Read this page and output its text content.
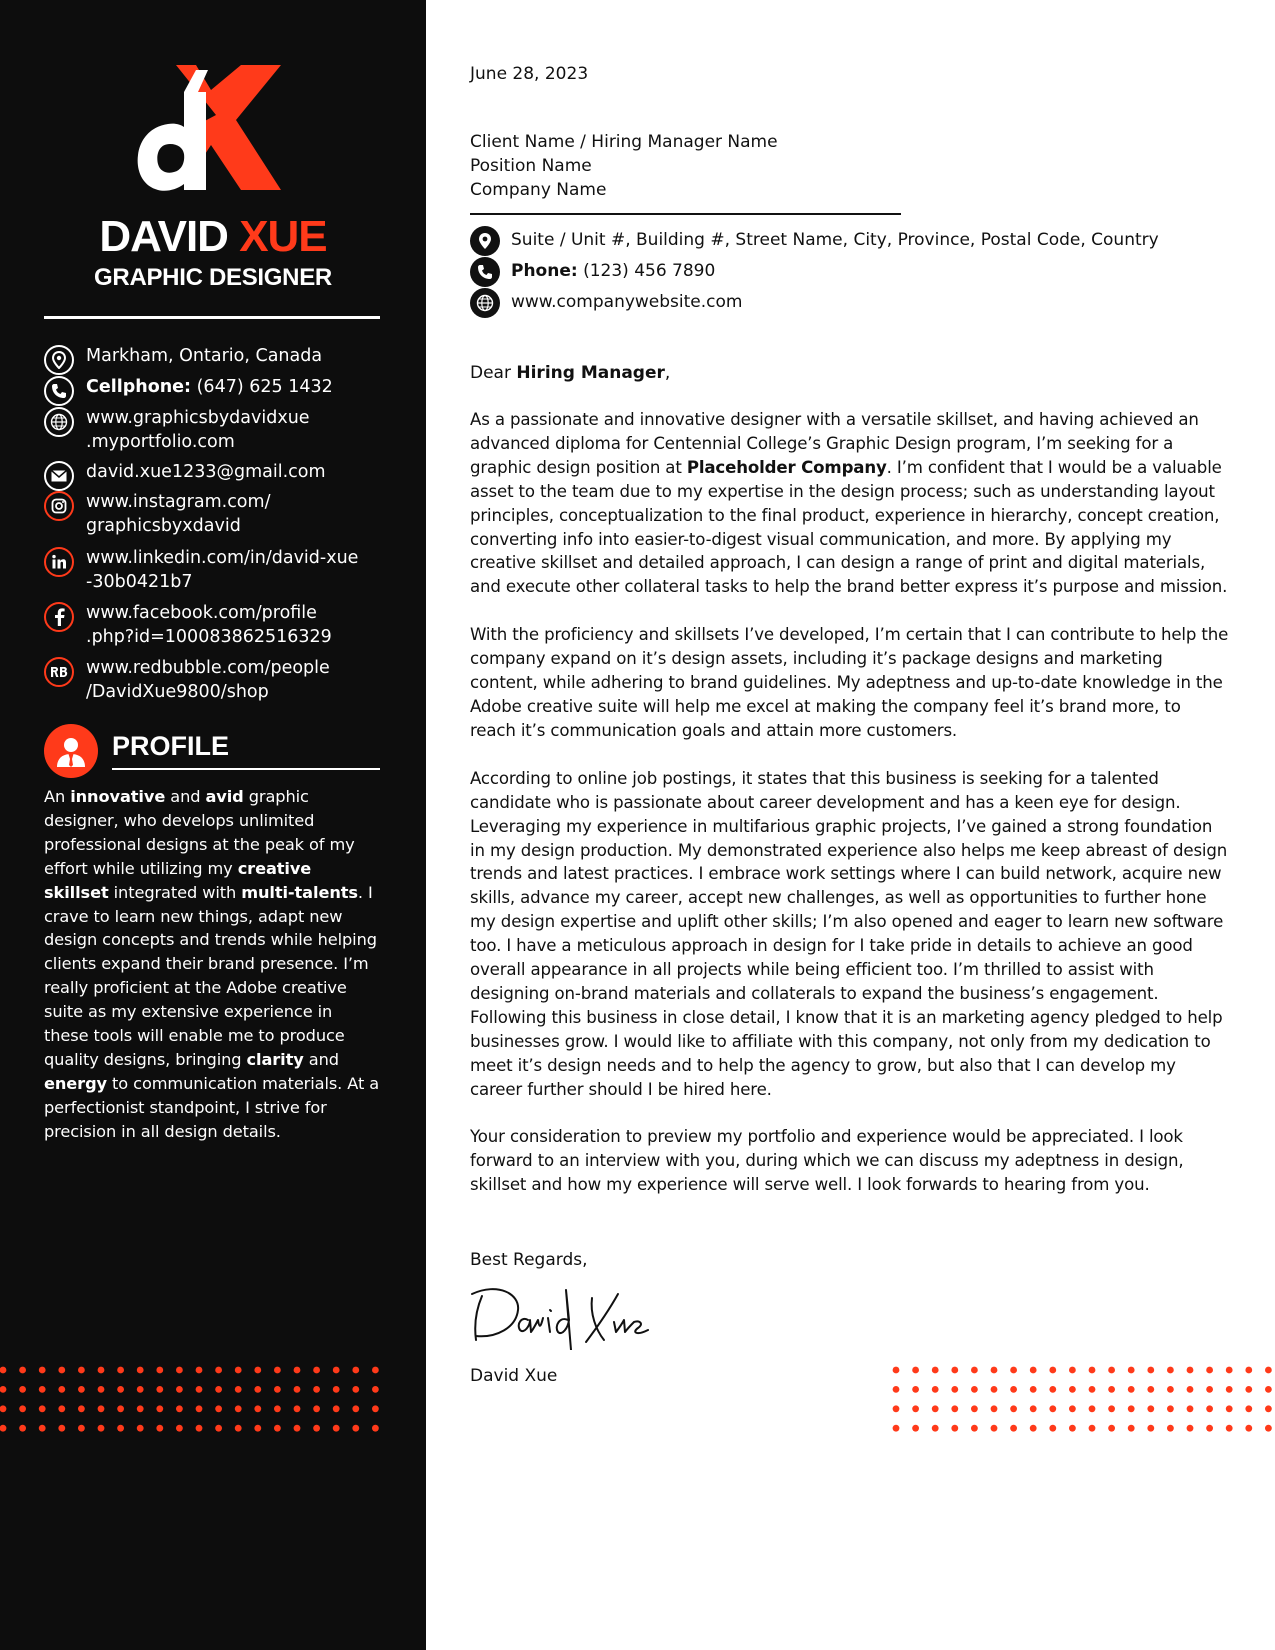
DAVID XUE
GRAPHIC DESIGNER
Markham, Ontario, Canada
Cellphone: (647) 625 1432
www.graphicsbydavidxue
.myportfolio.com
david.xue1233@gmail.com
www.instagram.com/
graphicsbyxdavid
www.linkedin.com/in/david-xue
-30b0421b7
www.facebook.com/profile
.php?id=100083862516329
www.redbubble.com/people
/DavidXue9800/shop
PROFILE

An innovative and avid graphic designer, who develops unlimited professional designs at the peak of my effort while utilizing my creative skillset integrated with multi-talents. I crave to learn new things, adapt new design concepts and trends while helping clients expand their brand presence. I’m really proficient at the Adobe creative suite as my extensive experience in these tools will enable me to produce quality designs, bringing clarity and energy to communication materials. At a perfectionist standpoint, I strive for precision in all design details.

June 28, 2023
Client Name / Hiring Manager Name
Position Name
Company Name
Suite / Unit #, Building #, Street Name, City, Province, Postal Code, Country
Phone: (123) 456 7890
www.companywebsite.com
Dear Hiring Manager,

As a passionate and innovative designer with a versatile skillset, and having achieved an advanced diploma for Centennial College’s Graphic Design program, I’m seeking for a graphic design position at Placeholder Company. I’m confident that I would be a valuable asset to the team due to my expertise in the design process; such as understanding layout principles, conceptualization to the final product, experience in hierarchy, concept creation, converting info into easier-to-digest visual communication, and more. By applying my creative skillset and detailed approach, I can design a range of print and digital materials, and execute other collateral tasks to help the brand better express it’s purpose and mission.

With the proficiency and skillsets I’ve developed, I’m certain that I can contribute to help the company expand on it’s design assets, including it’s package designs and marketing content, while adhering to brand guidelines. My adeptness and up-to-date knowledge in the Adobe creative suite will help me excel at making the company feel it’s brand more, to reach it’s communication goals and attain more customers.

According to online job postings, it states that this business is seeking for a talented candidate who is passionate about career development and has a keen eye for design. Leveraging my experience in multifarious graphic projects, I’ve gained a strong foundation in my design production. My demonstrated experience also helps me keep abreast of design trends and latest practices. I embrace work settings where I can build network, acquire new skills, advance my career, accept new challenges, as well as opportunities to further hone my design expertise and uplift other skills; I’m also opened and eager to learn new software too. I have a meticulous approach in design for I take pride in details to achieve an good overall appearance in all projects while being efficient too. I’m thrilled to assist with designing on-brand materials and collaterals to expand the business’s engagement. Following this business in close detail, I know that it is an marketing agency pledged to help businesses grow. I would like to affiliate with this company, not only from my dedication to meet it’s design needs and to help the agency to grow, but also that I can develop my career further should I be hired here.

Your consideration to preview my portfolio and experience would be appreciated. I look forward to an interview with you, during which we can discuss my adeptness in design, skillset and how my experience will serve well. I look forwards to hearing from you.

Best Regards,
David Xue
